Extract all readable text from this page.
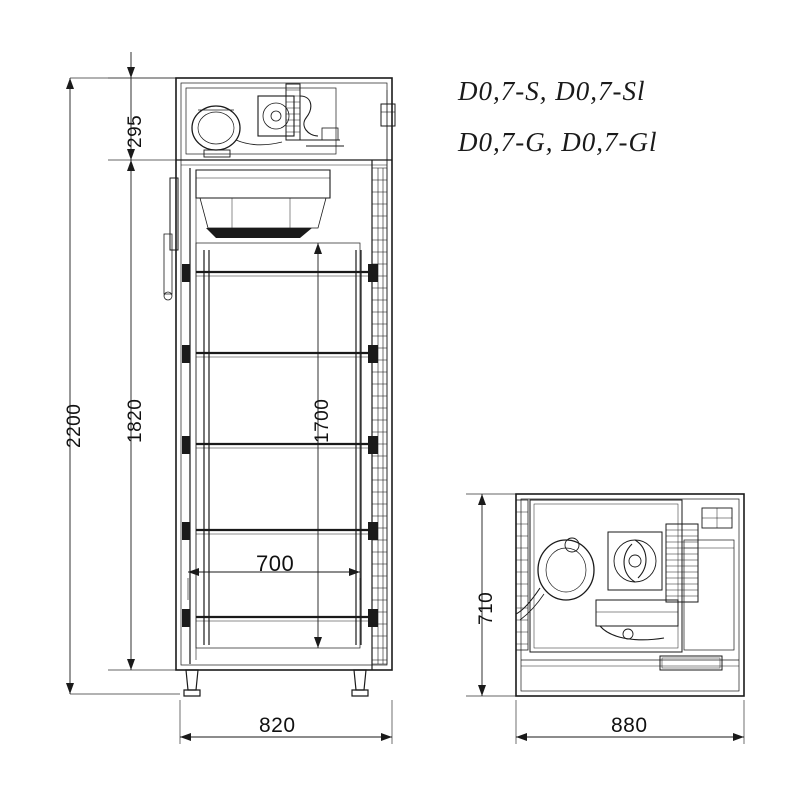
D0,7-S, D0,7-Sl
D0,7-G, D0,7-Gl
2200 1820
295
1700
700
820
710
880
